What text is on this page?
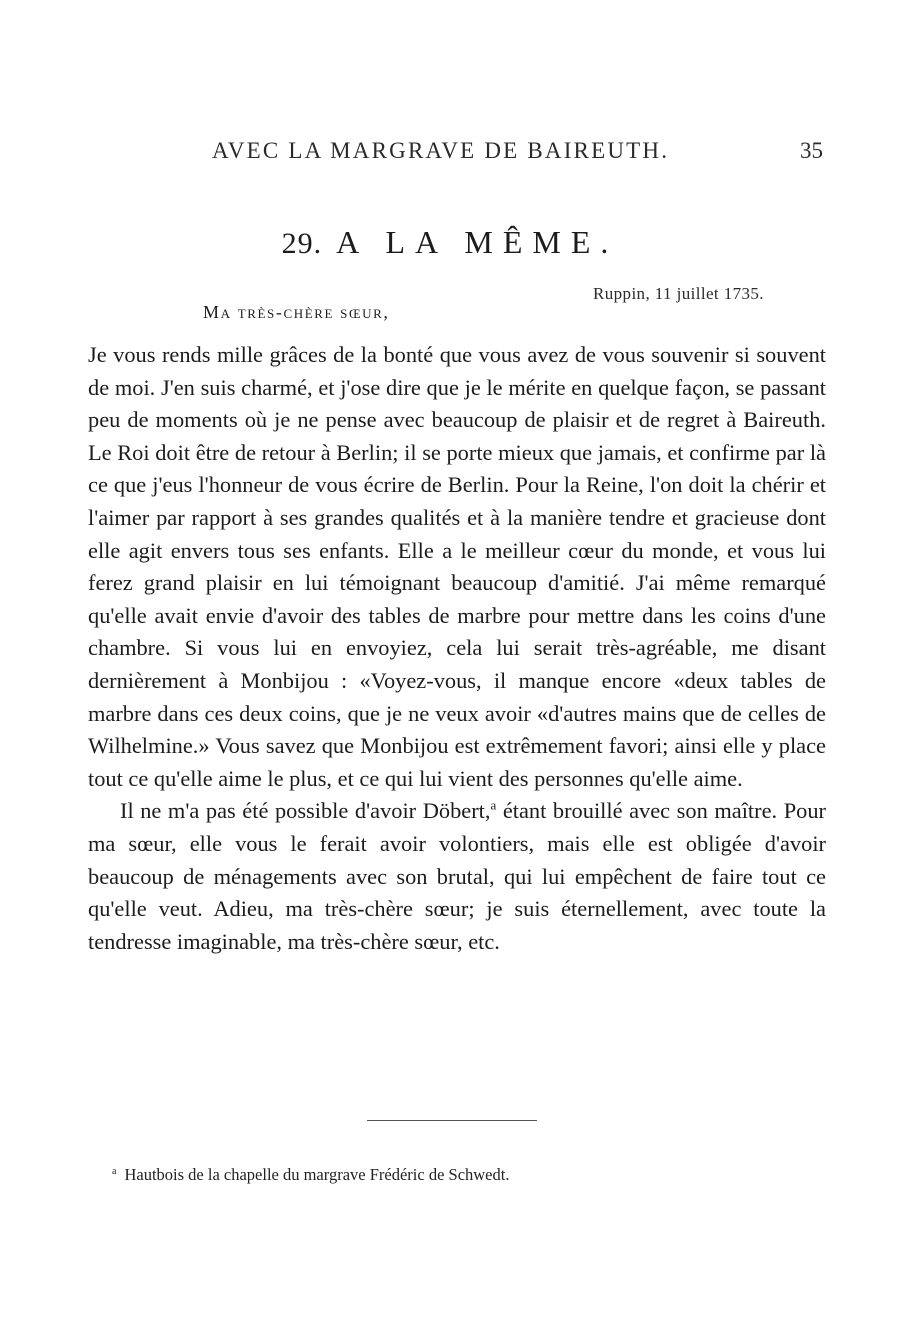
AVEC LA MARGRAVE DE BAIREUTH.	35
29. A LA MÊME.
Ruppin, 11 juillet 1735.
Ma très-chère sœur,

Je vous rends mille grâces de la bonté que vous avez de vous souvenir si souvent de moi. J'en suis charmé, et j'ose dire que je le mérite en quelque façon, se passant peu de moments où je ne pense avec beaucoup de plaisir et de regret à Baireuth. Le Roi doit être de retour à Berlin; il se porte mieux que jamais, et confirme par là ce que j'eus l'honneur de vous écrire de Berlin. Pour la Reine, l'on doit la chérir et l'aimer par rapport à ses grandes qualités et à la manière tendre et gracieuse dont elle agit envers tous ses enfants. Elle a le meilleur cœur du monde, et vous lui ferez grand plaisir en lui témoignant beaucoup d'amitié. J'ai même remarqué qu'elle avait envie d'avoir des tables de marbre pour mettre dans les coins d'une chambre. Si vous lui en envoyiez, cela lui serait très-agréable, me disant dernièrement à Monbijou : «Voyez-vous, il manque encore «deux tables de marbre dans ces deux coins, que je ne veux avoir «d'autres mains que de celles de Wilhelmine.» Vous savez que Monbijou est extrêmement favori; ainsi elle y place tout ce qu'elle aime le plus, et ce qui lui vient des personnes qu'elle aime.

Il ne m'a pas été possible d'avoir Döbert,$^a$ étant brouillé avec son maître. Pour ma sœur, elle vous le ferait avoir volontiers, mais elle est obligée d'avoir beaucoup de ménagements avec son brutal, qui lui empêchent de faire tout ce qu'elle veut. Adieu, ma très-chère sœur; je suis éternellement, avec toute la tendresse imaginable, ma très-chère sœur, etc.

$^a$ Hautbois de la chapelle du margrave Frédéric de Schwedt.
